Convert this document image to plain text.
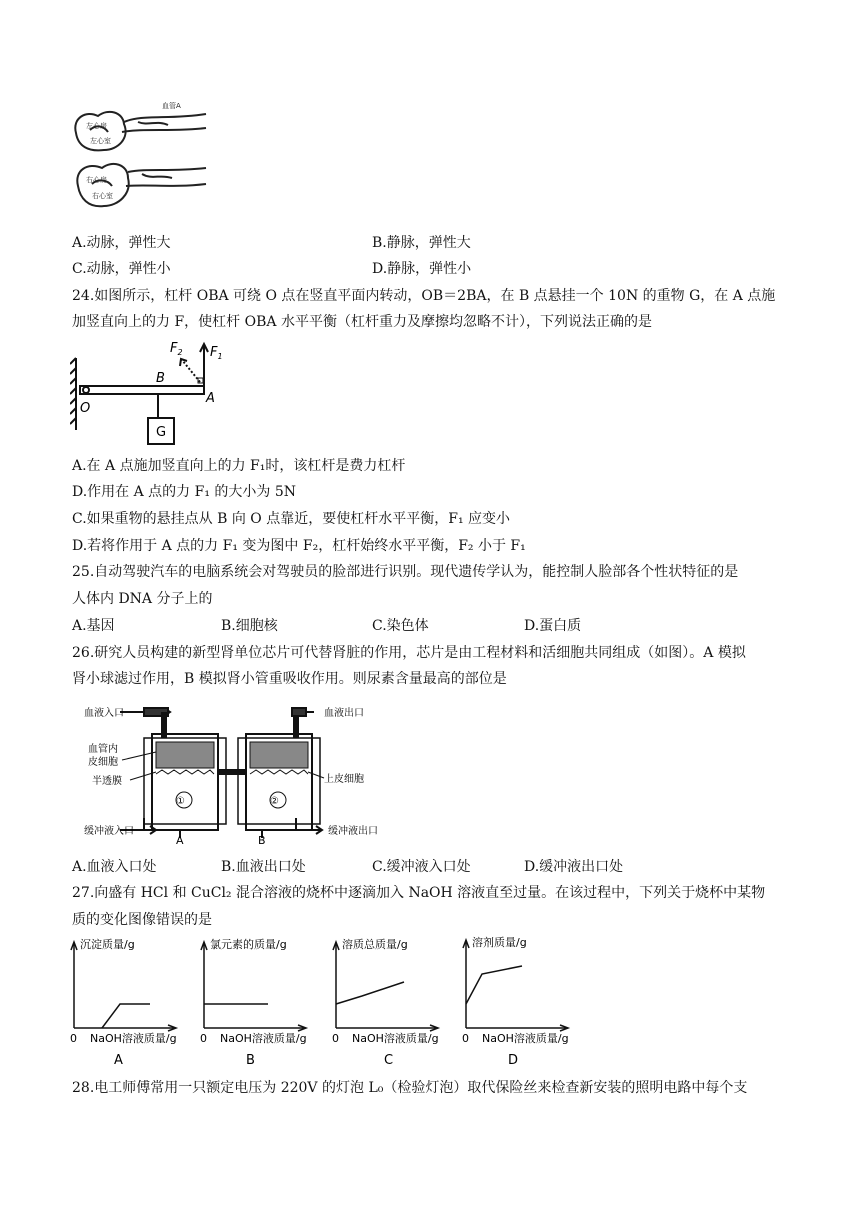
血管A
左心房
左心室
右心房
右心室
A.动脉，弹性大	B.静脉，弹性大
C.动脉，弹性小	D.静脉，弹性小
24.如图所示，杠杆 OBA 可绕 O 点在竖直平面内转动，OB＝2BA，在 B 点悬挂一个 10N 的重物 G，在 A 点施
加竖直向上的力 F，使杠杆 OBA 水平平衡（杠杆重力及摩擦均忽略不计），下列说法正确的是
O
B
A
G
$F_1$
$F_2$
A.在 A 点施加竖直向上的力 F₁时，该杠杆是费力杠杆
D.作用在 A 点的力 F₁ 的大小为 5N
C.如果重物的悬挂点从 B 向 O 点靠近，要使杠杆水平平衡，F₁ 应变小
D.若将作用于 A 点的力 F₁ 变为图中 F₂，杠杆始终水平平衡，F₂ 小于 F₁
25.自动驾驶汽车的电脑系统会对驾驶员的脸部进行识别。现代遗传学认为，能控制人脸部各个性状特征的是
人体内 DNA 分子上的
A.基因	B.细胞核	C.染色体	D.蛋白质
26.研究人员构建的新型肾单位芯片可代替肾脏的作用，芯片是由工程材料和活细胞共同组成（如图）。A 模拟
肾小球滤过作用，B 模拟肾小管重吸收作用。则尿素含量最高的部位是
①	②
血液入口	血液出口
血管内
皮细胞
半透膜	上皮细胞
缓冲液入口	缓冲液出口
A	B
A.血液入口处	B.血液出口处	C.缓冲液入口处	D.缓冲液出口处
27.向盛有 HCl 和 CuCl₂ 混合溶液的烧杯中逐滴加入 NaOH 溶液直至过量。在该过程中，下列关于烧杯中某物
质的变化图像错误的是
沉淀质量/g
NaOH溶液质量/g
0
A
氯元素的质量/g
NaOH溶液质量/g
0
B
溶质总质量/g
NaOH溶液质量/g
0
C
溶剂质量/g
NaOH溶液质量/g
0
D
28.电工师傅常用一只额定电压为 220V 的灯泡 L₀（检验灯泡）取代保险丝来检查新安装的照明电路中每个支
